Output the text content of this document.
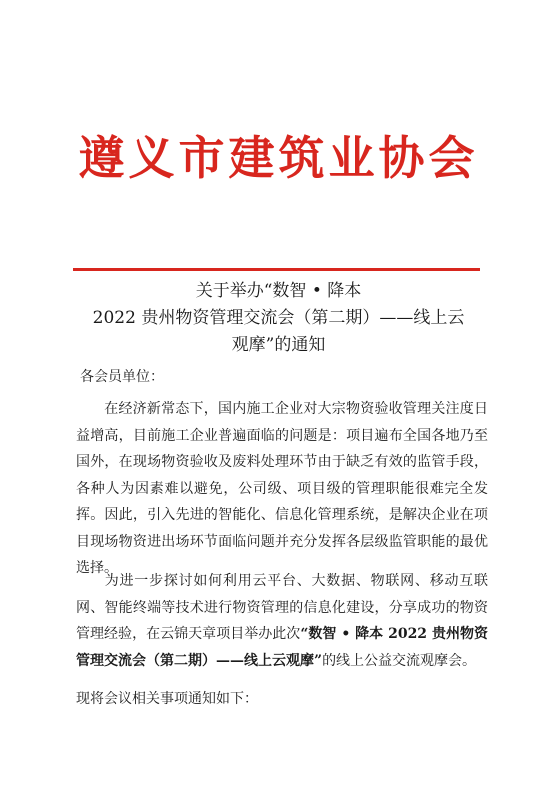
遵义市建筑业协会
关于举办“数智 • 降本
2022 贵州物资管理交流会（第二期）——线上云
观摩”的通知
各会员单位：

在经济新常态下，国内施工企业对大宗物资验收管理关注度日益增高，目前施工企业普遍面临的问题是：项目遍布全国各地乃至国外，在现场物资验收及废料处理环节由于缺乏有效的监管手段，各种人为因素难以避免，公司级、项目级的管理职能很难完全发挥。因此，引入先进的智能化、信息化管理系统，是解决企业在项目现场物资进出场环节面临问题并充分发挥各层级监管职能的最优选择。

为进一步探讨如何利用云平台、大数据、物联网、移动互联网、智能终端等技术进行物资管理的信息化建设，分享成功的物资管理经验，在云锦天章项目举办此次“数智 • 降本 2022 贵州物资管理交流会（第二期）——线上云观摩”的线上公益交流观摩会。

现将会议相关事项通知如下：
